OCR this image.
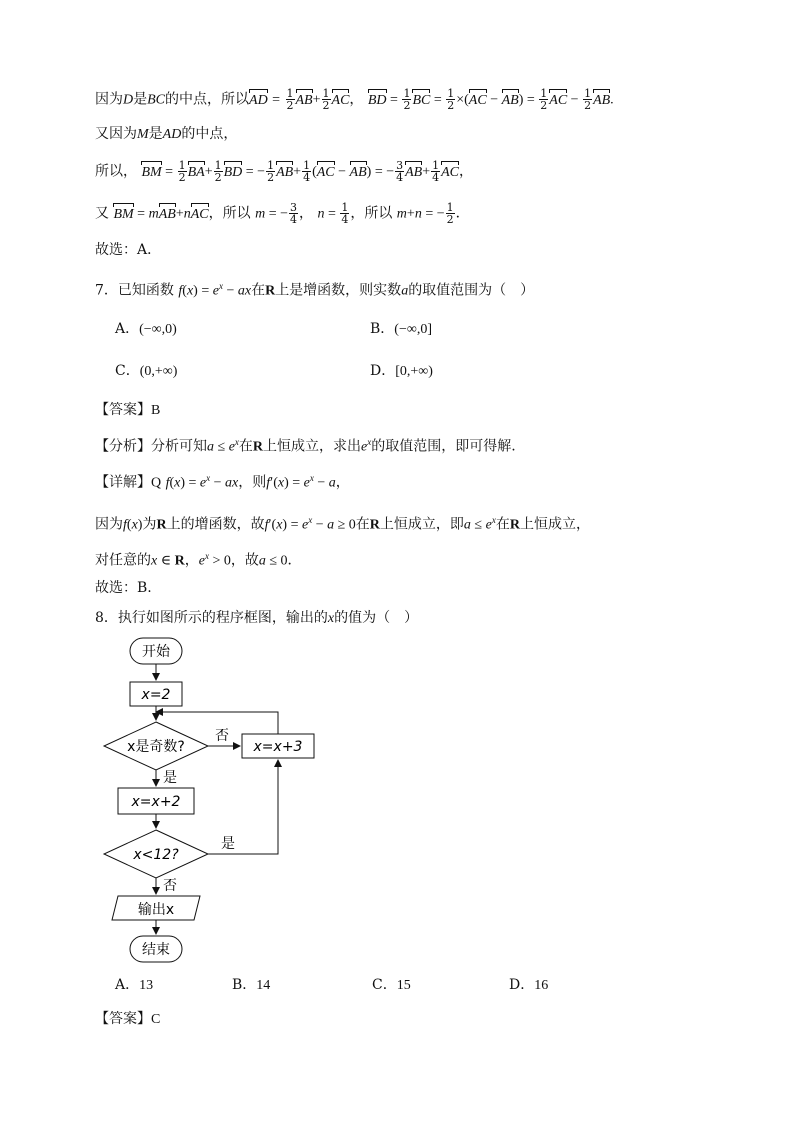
因为D是BC的中点，所以AD = $\frac{1}{2} AB+ \frac{1}{2}$ AC， BD = $\frac{1}{2}$ BC = $\frac{1}{2} \times(AC - AB) = \frac{1}{2}$ AC − $\frac{1}{2}$ AB.
又因为M是AD的中点，
所以， BM = $\frac{1}{2} BA+ \frac{1}{2}$ BD = − $\frac{1}{2} AB+ \frac{1}{4} (AC - AB)$ = − $\frac{3}{4} AB+ \frac{1}{4}$ AC，
又 BM = mAB+nAC，所以 m = − $\frac{3}{4}$ ， $n = \frac{1}{4}$ ，所以 m+n = − $\frac{1}{2}$ ．
故选：A．
7．已知函数 $f(x) = e^x$ − ax在R上是增函数，则实数a的取值范围为（　）
A．(−∞,0)	B．(−∞,0]
C．(0,+∞)	D．[0,+∞)
【答案】B
【分析】分析可知$a \le e^x$在R上恒成立，求出$e^x$的取值范围，即可得解.
【详解】Q $f(x) = e^x$ − ax，则$f'(x) = e^x - a$，
因为f(x)为R上的增函数，故$f'(x) = e^x - a \ge 0$在R上恒成立，即$a \le e^x$在R上恒成立，
对任意的x ∈ R，$e^x > 0$，故a ≤ 0．
故选：B.
8．执行如图所示的程序框图，输出的x的值为（　）
开始
x=2
x是奇数?
否
x=x+3
是
x=x+2
x<12?
是
否
输出x
结束
A．13	B．14	C．15	D．16
【答案】C
